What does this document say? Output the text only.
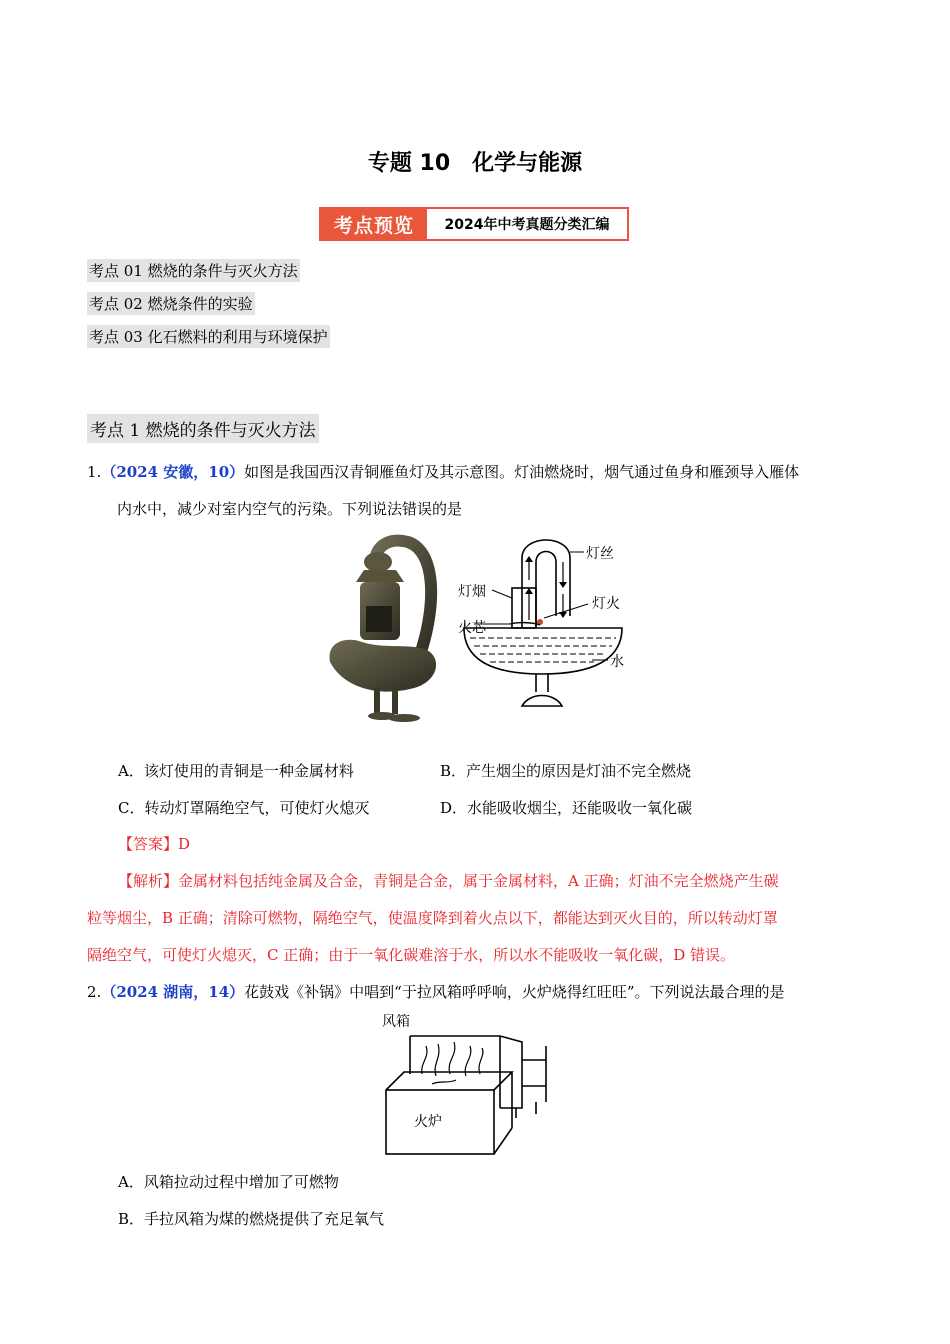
专题 10　化学与能源
考点预览	2024年中考真题分类汇编
考点 01 燃烧的条件与灭火方法
考点 02 燃烧条件的实验
考点 03 化石燃料的利用与环境保护
考点 1 燃烧的条件与灭火方法
1.（2024 安徽，10）如图是我国西汉青铜雁鱼灯及其示意图。灯油燃烧时，烟气通过鱼身和雁颈导入雁体
内水中，减少对室内空气的污染。下列说法错误的是
灯丝
灯烟
灯火
火芯
水
A．该灯使用的青铜是一种金属材料	B．产生烟尘的原因是灯油不完全燃烧
C．转动灯罩隔绝空气，可使灯火熄灭	D．水能吸收烟尘，还能吸收一氧化碳
【答案】D
【解析】金属材料包括纯金属及合金，青铜是合金，属于金属材料，A 正确；灯油不完全燃烧产生碳
粒等烟尘，B 正确；清除可燃物，隔绝空气，使温度降到着火点以下，都能达到灭火目的，所以转动灯罩
隔绝空气，可使灯火熄灭，C 正确；由于一氧化碳难溶于水，所以水不能吸收一氧化碳，D 错误。
2.（2024 湖南，14）花鼓戏《补锅》中唱到“于拉风箱呼呼响，火炉烧得红旺旺”。下列说法最合理的是
风箱
火炉
A．风箱拉动过程中增加了可燃物
B．手拉风箱为煤的燃烧提供了充足氧气
